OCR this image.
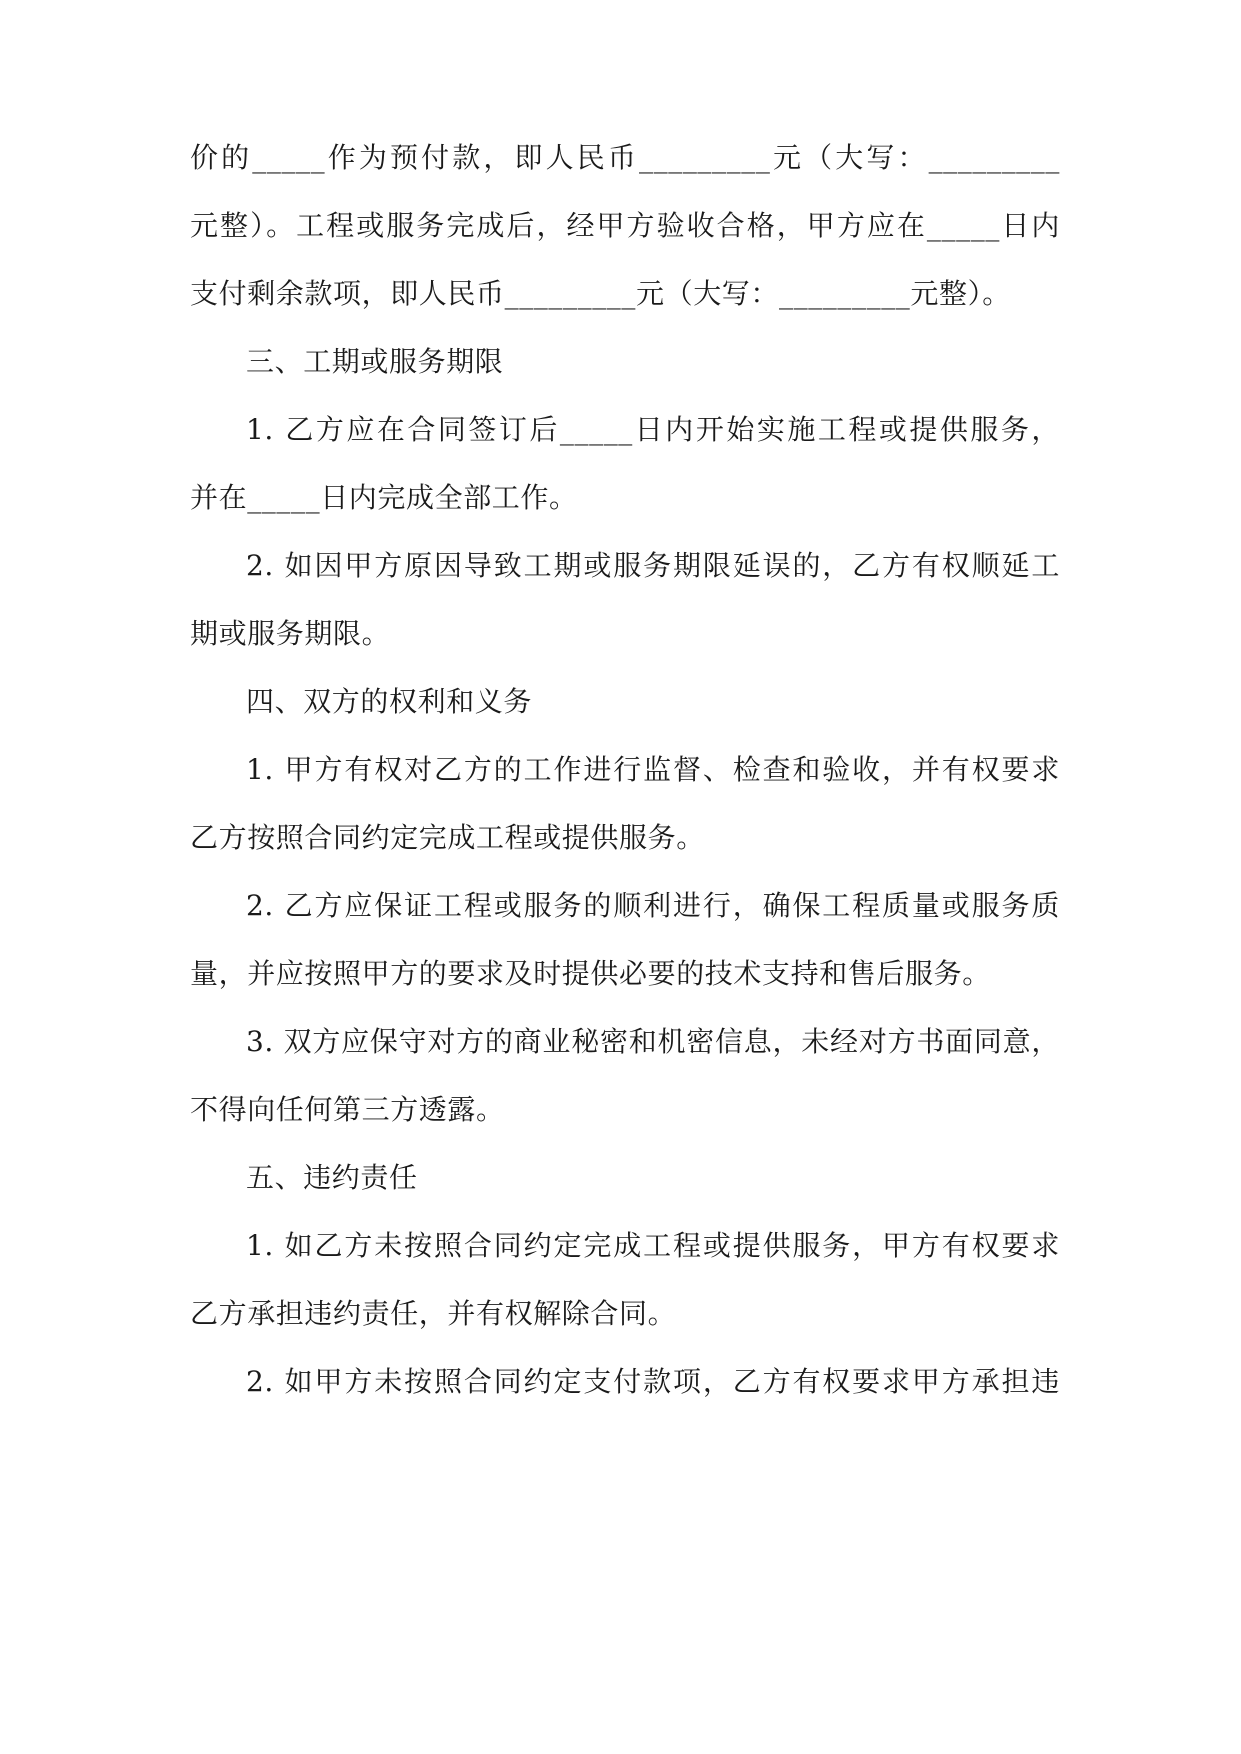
价的_____作为预付款，即人民币_________元（大写：_________
元整）。工程或服务完成后，经甲方验收合格，甲方应在_____日内
支付剩余款项，即人民币_________元（大写：_________元整）。
三、工期或服务期限
1. 乙方应在合同签订后_____日内开始实施工程或提供服务，
并在_____日内完成全部工作。
2. 如因甲方原因导致工期或服务期限延误的，乙方有权顺延工
期或服务期限。
四、双方的权利和义务
1. 甲方有权对乙方的工作进行监督、检查和验收，并有权要求
乙方按照合同约定完成工程或提供服务。
2. 乙方应保证工程或服务的顺利进行，确保工程质量或服务质
量，并应按照甲方的要求及时提供必要的技术支持和售后服务。
3. 双方应保守对方的商业秘密和机密信息，未经对方书面同意，
不得向任何第三方透露。
五、违约责任
1. 如乙方未按照合同约定完成工程或提供服务，甲方有权要求
乙方承担违约责任，并有权解除合同。
2. 如甲方未按照合同约定支付款项，乙方有权要求甲方承担违
